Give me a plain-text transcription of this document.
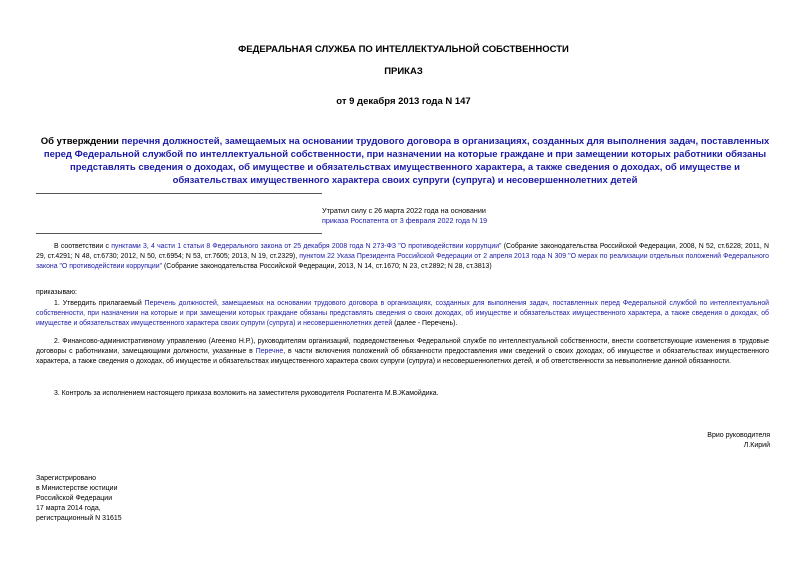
ФЕДЕРАЛЬНАЯ СЛУЖБА ПО ИНТЕЛЛЕКТУАЛЬНОЙ СОБСТВЕННОСТИ
ПРИКАЗ
от 9 декабря 2013 года N 147
Об утверждении перечня должностей, замещаемых на основании трудового договора в организациях, созданных для выполнения задач, поставленных перед Федеральной службой по интеллектуальной собственности, при назначении на которые граждане и при замещении которых работники обязаны представлять сведения о доходах, об имуществе и обязательствах имущественного характера, а также сведения о доходах, об имуществе и обязательствах имущественного характера своих супруги (супруга) и несовершеннолетних детей
Утратил силу с 26 марта 2022 года на основании
приказа Роспатента от 3 февраля 2022 года N 19
В соответствии с пунктами 3, 4 части 1 статьи 8 Федерального закона от 25 декабря 2008 года N 273-ФЗ "О противодействии коррупции" (Собрание законодательства Российской Федерации, 2008, N 52, ст.6228; 2011, N 29, ст.4291; N 48, ст.6730; 2012, N 50, ст.6954; N 53, ст.7605; 2013, N 19, ст.2329), пунктом 22 Указа Президента Российской Федерации от 2 апреля 2013 года N 309 "О мерах по реализации отдельных положений Федерального закона "О противодействии коррупции" (Собрание законодательства Российской Федерации, 2013, N 14, ст.1670; N 23, ст.2892; N 28, ст.3813)
приказываю:
1. Утвердить прилагаемый Перечень должностей, замещаемых на основании трудового договора в организациях, созданных для выполнения задач, поставленных перед Федеральной службой по интеллектуальной собственности, при назначении на которые и при замещении которых граждане обязаны представлять сведения о своих доходах, об имуществе и обязательствах имущественного характера, а также сведения о доходах, об имуществе и обязательствах имущественного характера своих супруги (супруга) и несовершеннолетних детей (далее - Перечень).
2. Финансово-административному управлению (Агеенко Н.Р.), руководителям организаций, подведомственных Федеральной службе по интеллектуальной собственности, внести соответствующие изменения в трудовые договоры с работниками, замещающими должности, указанные в Перечне, в части включения положений об обязанности предоставления ими сведений о своих доходах, об имуществе и обязательствах имущественного характера, а также сведения о доходах, об имуществе и обязательствах имущественного характера своих супруги (супруга) и несовершеннолетних детей, и об ответственности за невыполнение данной обязанности.
3. Контроль за исполнением настоящего приказа возложить на заместителя руководителя Роспатента М.В.Жамойдика.
Врио руководителя
Л.Кирий
Зарегистрировано
в Министерстве юстиции
Российской Федерации
17 марта 2014 года,
регистрационный N 31615
